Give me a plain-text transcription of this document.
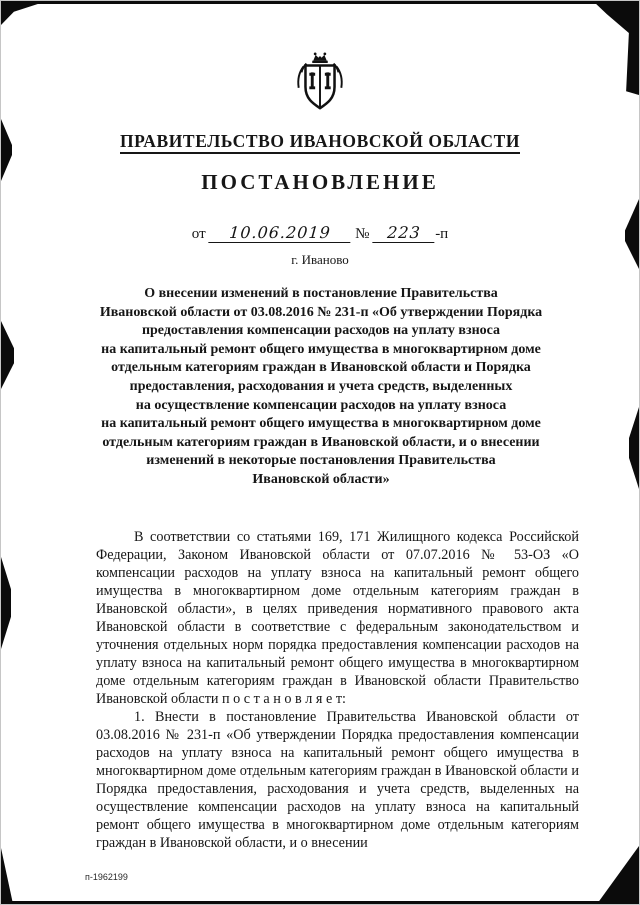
ПРАВИТЕЛЬСТВО ИВАНОВСКОЙ ОБЛАСТИ
ПОСТАНОВЛЕНИЕ
от 10.06.2019 № 223 -п
г. Иваново
О внесении изменений в постановление Правительства
Ивановской области от 03.08.2016 № 231-п «Об утверждении Порядка
предоставления компенсации расходов на уплату взноса
на капитальный ремонт общего имущества в многоквартирном доме
отдельным категориям граждан в Ивановской области и Порядка
предоставления, расходования и учета средств, выделенных
на осуществление компенсации расходов на уплату взноса
на капитальный ремонт общего имущества в многоквартирном доме
отдельным категориям граждан в Ивановской области, и о внесении
изменений в некоторые постановления Правительства
Ивановской области»

В соответствии со статьями 169, 171 Жилищного кодекса Российской Федерации, Законом Ивановской области от 07.07.2016 № 53-ОЗ «О компенсации расходов на уплату взноса на капитальный ремонт общего имущества в многоквартирном доме отдельным категориям граждан в Ивановской области», в целях приведения нормативного правового акта Ивановской области в соответствие с федеральным законодательством и уточнения отдельных норм порядка предоставления компенсации расходов на уплату взноса на капитальный ремонт общего имущества в многоквартирном доме отдельным категориям граждан в Ивановской области Правительство Ивановской области п о с т а н о в л я е т:

1. Внести в постановление Правительства Ивановской области от 03.08.2016 № 231-п «Об утверждении Порядка предоставления компенсации расходов на уплату взноса на капитальный ремонт общего имущества в многоквартирном доме отдельным категориям граждан в Ивановской области и Порядка предоставления, расходования и учета средств, выделенных на осуществление компенсации расходов на уплату взноса на капитальный ремонт общего имущества в многоквартирном доме отдельным категориям граждан в Ивановской области, и о внесении

п-1962199
